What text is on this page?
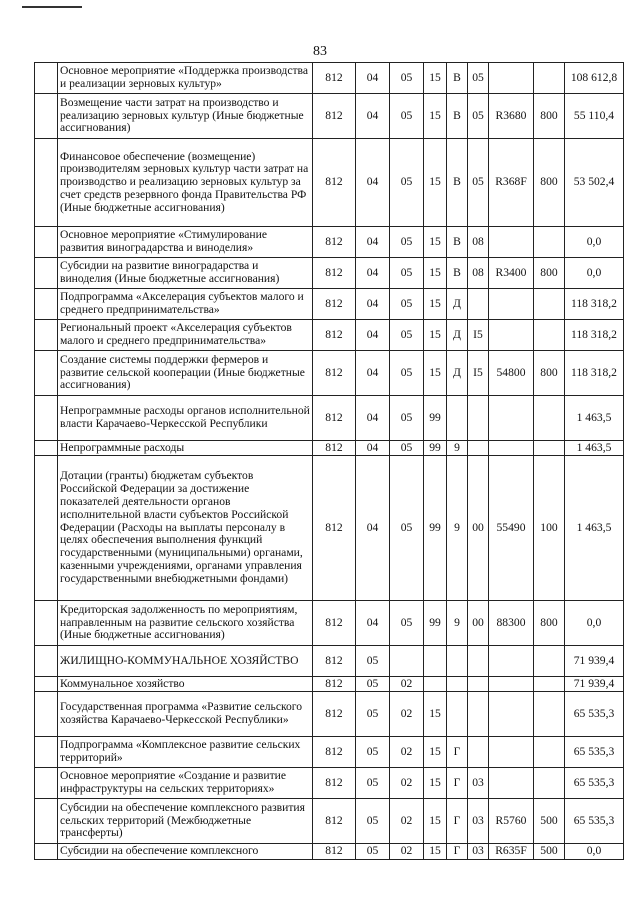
83
	Основное мероприятие «Поддержка производства и реализации зерновых культур»	812	04	05	15	В	05			108 612,8
	Возмещение части затрат на производство и реализацию зерновых культур (Иные бюджетные ассигнования)	812	04	05	15	В	05	R3680	800	55 110,4
	Финансовое обеспечение (возмещение) производителям зерновых культур части затрат на производство и реализацию зерновых культур за счет средств резервного фонда Правительства РФ (Иные бюджетные ассигнования)	812	04	05	15	В	05	R368F	800	53 502,4
	Основное мероприятие «Стимулирование развития виноградарства и виноделия»	812	04	05	15	В	08			0,0
	Субсидии на развитие виноградарства и виноделия (Иные бюджетные ассигнования)	812	04	05	15	В	08	R3400	800	0,0
	Подпрограмма «Акселерация субъектов малого и среднего предпринимательства»	812	04	05	15	Д				118 318,2
	Региональный проект «Акселерация субъектов малого и среднего предпринимательства»	812	04	05	15	Д	I5			118 318,2
	Создание системы поддержки фермеров и развитие сельской кооперации (Иные бюджетные ассигнования)	812	04	05	15	Д	I5	54800	800	118 318,2
	Непрограммные расходы органов исполнительной власти Карачаево-Черкесской Республики	812	04	05	99					1 463,5
	Непрограммные расходы	812	04	05	99	9				1 463,5
	Дотации (гранты) бюджетам субъектов Российской Федерации за достижение показателей деятельности органов исполнительной власти субъектов Российской Федерации (Расходы на выплаты персоналу в целях обеспечения выполнения функций государственными (муниципальными) органами, казенными учреждениями, органами управления государственными внебюджетными фондами)	812	04	05	99	9	00	55490	100	1 463,5
	Кредиторская задолженность по мероприятиям, направленным на развитие сельского хозяйства (Иные бюджетные ассигнования)	812	04	05	99	9	00	88300	800	0,0
	ЖИЛИЩНО-КОММУНАЛЬНОЕ ХОЗЯЙСТВО	812	05							71 939,4
	Коммунальное хозяйство	812	05	02						71 939,4
	Государственная программа «Развитие сельского хозяйства Карачаево-Черкесской Республики»	812	05	02	15					65 535,3
	Подпрограмма «Комплексное развитие сельских территорий»	812	05	02	15	Г				65 535,3
	Основное мероприятие «Создание и развитие инфраструктуры на сельских территориях»	812	05	02	15	Г	03			65 535,3
	Субсидии на обеспечение комплексного развития сельских территорий (Межбюджетные трансферты)	812	05	02	15	Г	03	R5760	500	65 535,3
	Субсидии на обеспечение комплексного	812	05	02	15	Г	03	R635F	500	0,0
